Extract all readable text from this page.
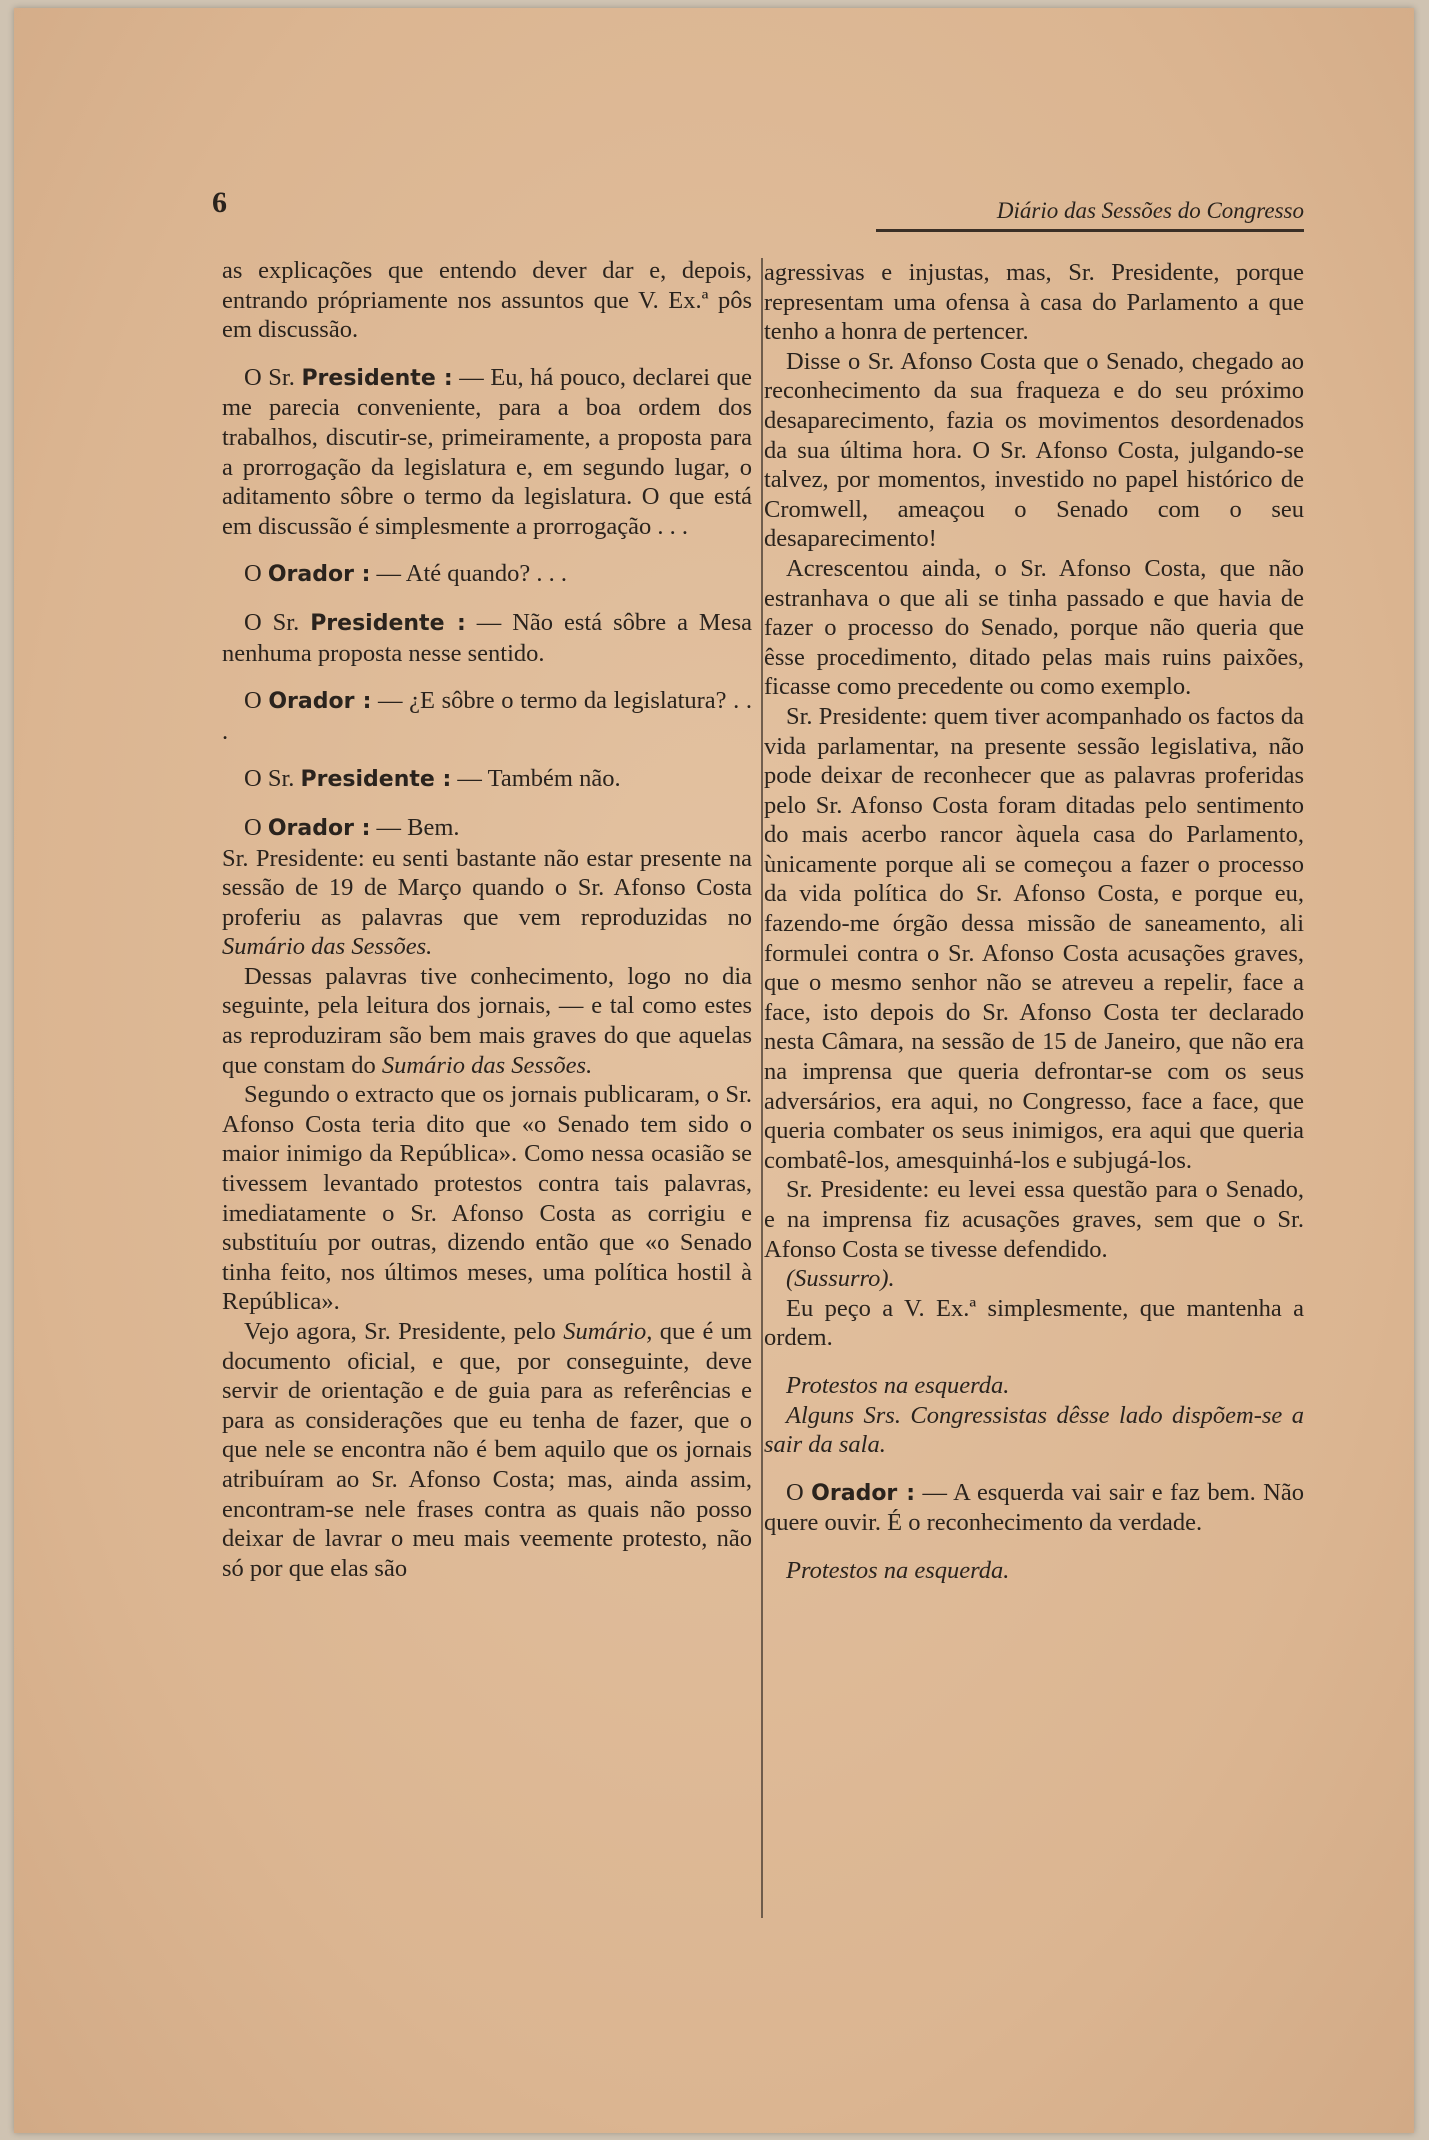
6	Diário das Sessões do Congresso

as explicações que entendo dever dar e, depois, entrando própriamente nos assuntos que V. Ex.ª pôs em discussão.

O Sr. Presidente : — Eu, há pouco, declarei que me parecia conveniente, para a boa ordem dos trabalhos, discutir-se, primeiramente, a proposta para a prorrogação da legislatura e, em segundo lugar, o aditamento sôbre o termo da legislatura. O que está em discussão é simplesmente a prorrogação . . .

O Orador : — Até quando? . . .

O Sr. Presidente : — Não está sôbre a Mesa nenhuma proposta nesse sentido.

O Orador : — ¿E sôbre o termo da legislatura? . . .

O Sr. Presidente : — Também não.

O Orador : — Bem.

Sr. Presidente: eu senti bastante não estar presente na sessão de 19 de Março quando o Sr. Afonso Costa proferiu as palavras que vem reproduzidas no Sumário das Sessões.

Dessas palavras tive conhecimento, logo no dia seguinte, pela leitura dos jornais, — e tal como estes as reproduziram são bem mais graves do que aquelas que constam do Sumário das Sessões.

Segundo o extracto que os jornais publicaram, o Sr. Afonso Costa teria dito que «o Senado tem sido o maior inimigo da República». Como nessa ocasião se tivessem levantado protestos contra tais palavras, imediatamente o Sr. Afonso Costa as corrigiu e substituíu por outras, dizendo então que «o Senado tinha feito, nos últimos meses, uma política hostil à República».

Vejo agora, Sr. Presidente, pelo Sumário, que é um documento oficial, e que, por conseguinte, deve servir de orientação e de guia para as referências e para as considerações que eu tenha de fazer, que o que nele se encontra não é bem aquilo que os jornais atribuíram ao Sr. Afonso Costa; mas, ainda assim, encontram-se nele frases contra as quais não posso deixar de lavrar o meu mais veemente protesto, não só por que elas são

agressivas e injustas, mas, Sr. Presidente, porque representam uma ofensa à casa do Parlamento a que tenho a honra de pertencer.

Disse o Sr. Afonso Costa que o Senado, chegado ao reconhecimento da sua fraqueza e do seu próximo desaparecimento, fazia os movimentos desordenados da sua última hora. O Sr. Afonso Costa, julgando-se talvez, por momentos, investido no papel histórico de Cromwell, ameaçou o Senado com o seu desaparecimento!

Acrescentou ainda, o Sr. Afonso Costa, que não estranhava o que ali se tinha passado e que havia de fazer o processo do Senado, porque não queria que êsse procedimento, ditado pelas mais ruins paixões, ficasse como precedente ou como exemplo.

Sr. Presidente: quem tiver acompanhado os factos da vida parlamentar, na presente sessão legislativa, não pode deixar de reconhecer que as palavras proferidas pelo Sr. Afonso Costa foram ditadas pelo sentimento do mais acerbo rancor àquela casa do Parlamento, ùnicamente porque ali se começou a fazer o processo da vida política do Sr. Afonso Costa, e porque eu, fazendo-me órgão dessa missão de saneamento, ali formulei contra o Sr. Afonso Costa acusações graves, que o mesmo senhor não se atreveu a repelir, face a face, isto depois do Sr. Afonso Costa ter declarado nesta Câmara, na sessão de 15 de Janeiro, que não era na imprensa que queria defrontar-se com os seus adversários, era aqui, no Congresso, face a face, que queria combater os seus inimigos, era aqui que queria combatê-los, amesquinhá-los e subjugá-los.

Sr. Presidente: eu levei essa questão para o Senado, e na imprensa fiz acusações graves, sem que o Sr. Afonso Costa se tivesse defendido.

(Sussurro).

Eu peço a V. Ex.ª simplesmente, que mantenha a ordem.

Protestos na esquerda.

Alguns Srs. Congressistas dêsse lado dispõem-se a sair da sala.

O Orador : — A esquerda vai sair e faz bem. Não quere ouvir. É o reconhecimento da verdade.

Protestos na esquerda.
